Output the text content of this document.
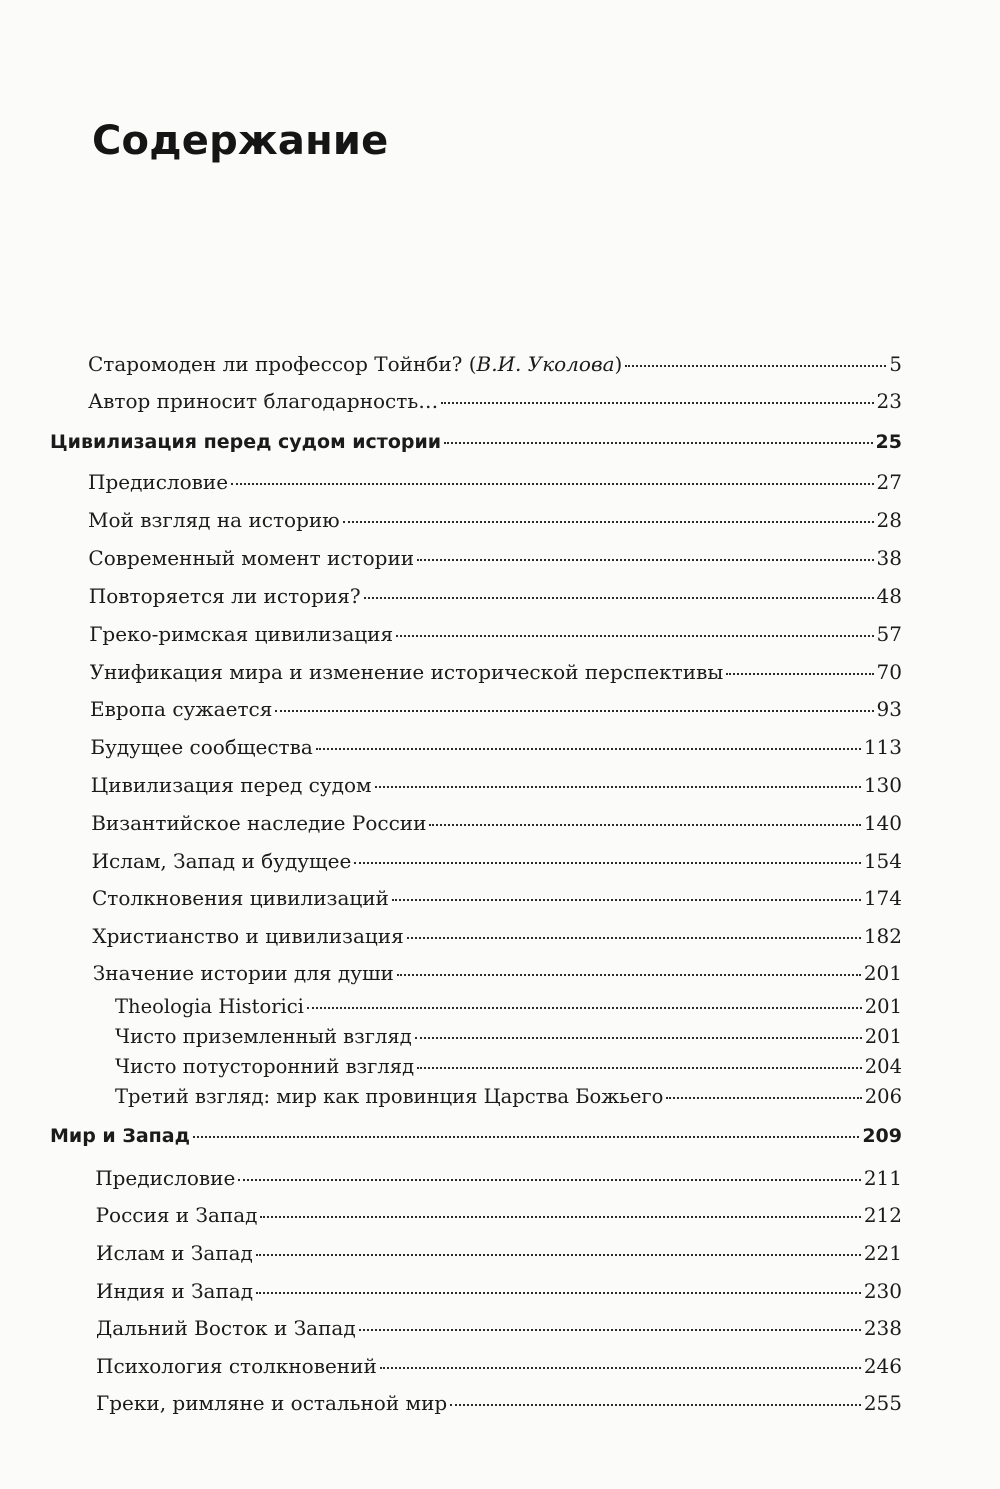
Содержание
Старомоден ли профессор Тойнби? (В.И. Уколова)	5
Автор приносит благодарность…	23
Цивилизация перед судом истории	25
Предисловие	27
Мой взгляд на историю	28
Современный момент истории	38
Повторяется ли история?	48
Греко-римская цивилизация	57
Унификация мира и изменение исторической перспективы	70
Европа сужается	93
Будущее сообщества	113
Цивилизация перед судом	130
Византийское наследие России	140
Ислам, Запад и будущее	154
Столкновения цивилизаций	174
Христианство и цивилизация	182
Значение истории для души	201
Theologia Historici	201
Чисто приземленный взгляд	201
Чисто потусторонний взгляд	204
Третий взгляд: мир как провинция Царства Божьего	206
Мир и Запад	209
Предисловие	211
Россия и Запад	212
Ислам и Запад	221
Индия и Запад	230
Дальний Восток и Запад	238
Психология столкновений	246
Греки, римляне и остальной мир	255
